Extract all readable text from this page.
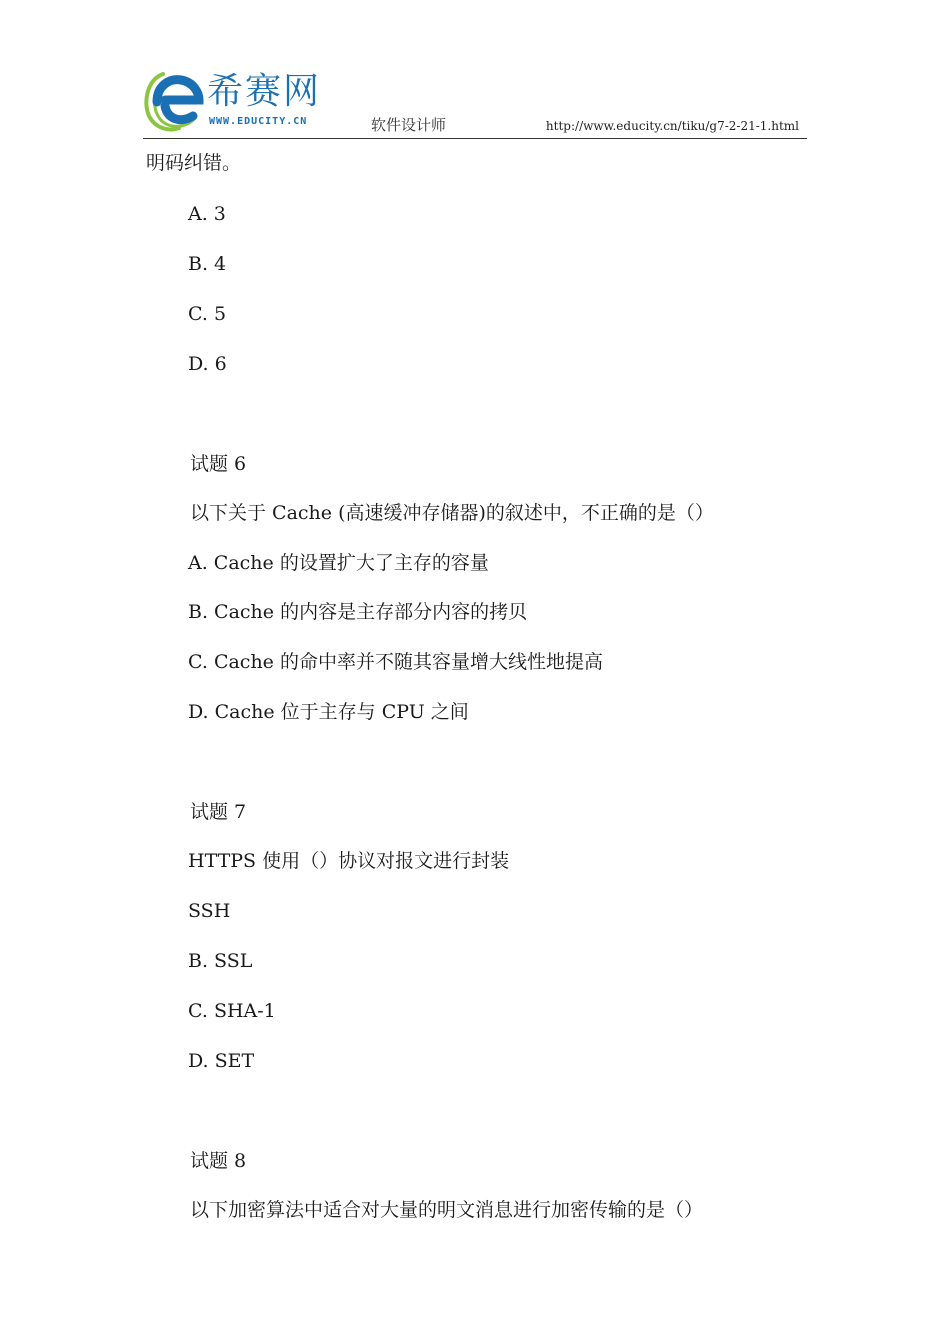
希赛网
WWW.EDUCITY.CN	软件设计师	http://www.educity.cn/tiku/g7-2-21-1.html
明码纠错。
A. 3
B. 4
C. 5
D. 6
试题 6
以下关于 Cache (高速缓冲存储器)的叙述中，不正确的是（）
A. Cache 的设置扩大了主存的容量
B. Cache 的内容是主存部分内容的拷贝
C. Cache 的命中率并不随其容量增大线性地提高
D. Cache 位于主存与 CPU 之间
试题 7
HTTPS 使用（）协议对报文进行封装
SSH
B. SSL
C. SHA-1
D. SET
试题 8
以下加密算法中适合对大量的明文消息进行加密传输的是（）
